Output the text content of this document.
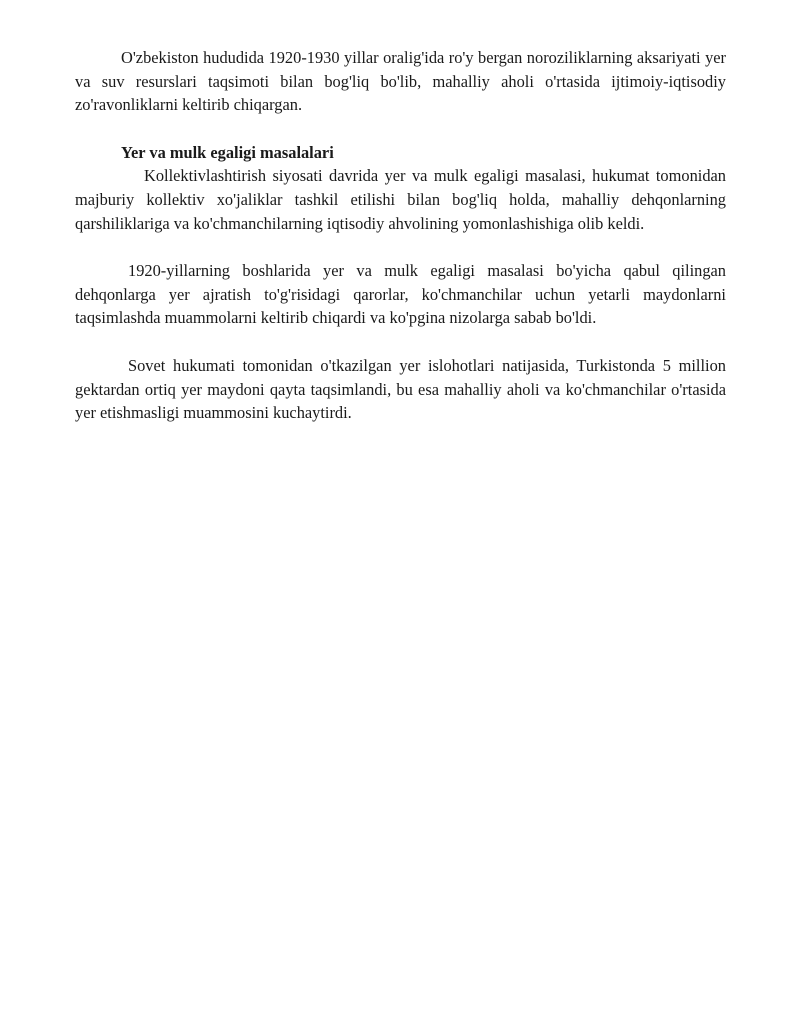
O'zbekiston hududida 1920-1930 yillar oralig'ida ro'y bergan noroziliklarning aksariyati yer va suv resurslari taqsimoti bilan bog'liq bo'lib, mahalliy aholi o'rtasida ijtimoiy-iqtisodiy zo'ravonliklarni keltirib chiqargan.

Yer va mulk egaligi masalalari

Kollektivlashtirish siyosati davrida yer va mulk egaligi masalasi, hukumat tomonidan majburiy kollektiv xo'jaliklar tashkil etilishi bilan bog'liq holda, mahalliy dehqonlarning qarshiliklariga va ko'chmanchilarning iqtisodiy ahvolining yomonlashishiga olib keldi.

1920-yillarning boshlarida yer va mulk egaligi masalasi bo'yicha qabul qilingan dehqonlarga yer ajratish to'g'risidagi qarorlar, ko'chmanchilar uchun yetarli maydonlarni taqsimlashda muammolarni keltirib chiqardi va ko'pgina nizolarga sabab bo'ldi.

Sovet hukumati tomonidan o'tkazilgan yer islohotlari natijasida, Turkistonda 5 million gektardan ortiq yer maydoni qayta taqsimlandi, bu esa mahalliy aholi va ko'chmanchilar o'rtasida yer etishmasligi muammosini kuchaytirdi.
